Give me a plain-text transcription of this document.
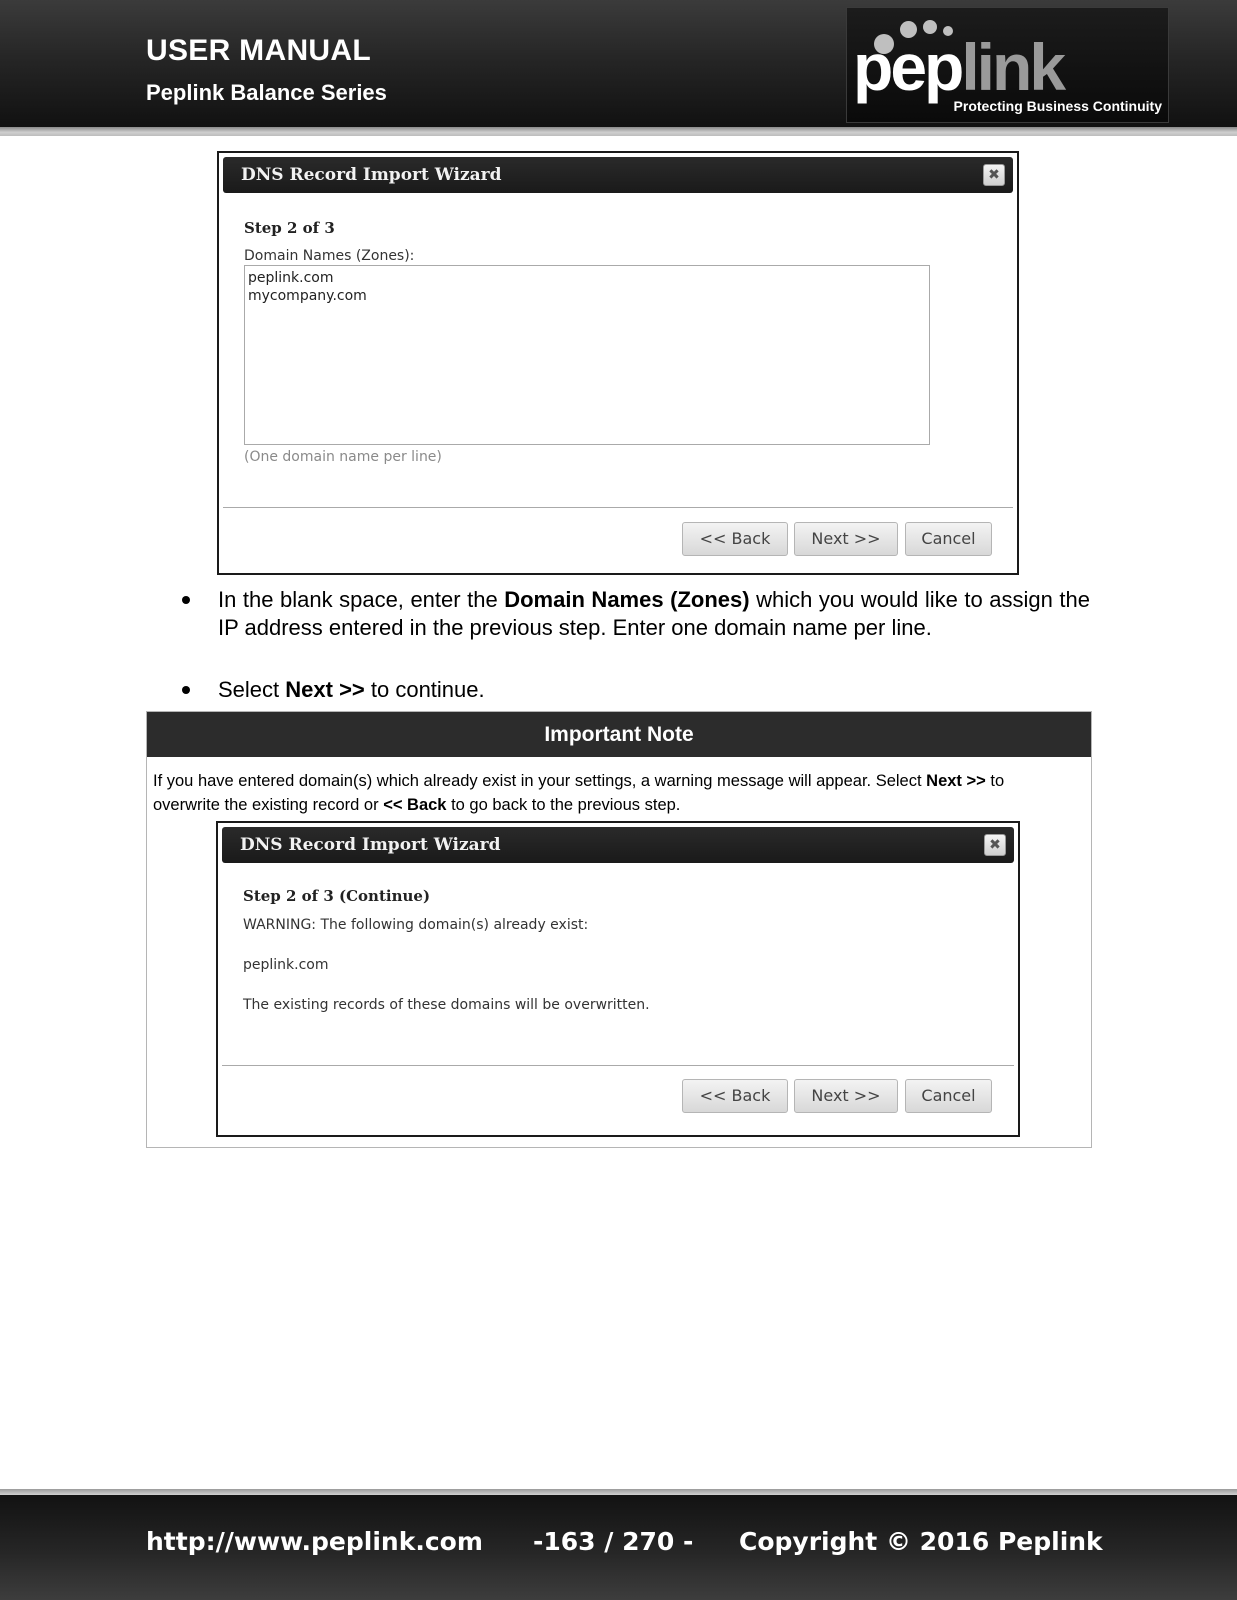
USER MANUAL
Peplink Balance Series	peplink
Protecting Business Continuity
DNS Record Import Wizard	✖
Step 2 of 3
Domain Names (Zones):
peplink.com
mycompany.com
(One domain name per line)
<< Back	Next >>	Cancel
In the blank space, enter the Domain Names (Zones) which you would like to assign the IP address entered in the previous step. Enter one domain name per line.
Select Next >> to continue.
Important Note
If you have entered domain(s) which already exist in your settings, a warning message will appear. Select Next >> to overwrite the existing record or << Back to go back to the previous step.
DNS Record Import Wizard	✖
Step 2 of 3 (Continue)
WARNING: The following domain(s) already exist:
peplink.com
The existing records of these domains will be overwritten.
<< Back	Next >>	Cancel
http://www.peplink.com -163 / 270 - Copyright © 2016 Peplink
